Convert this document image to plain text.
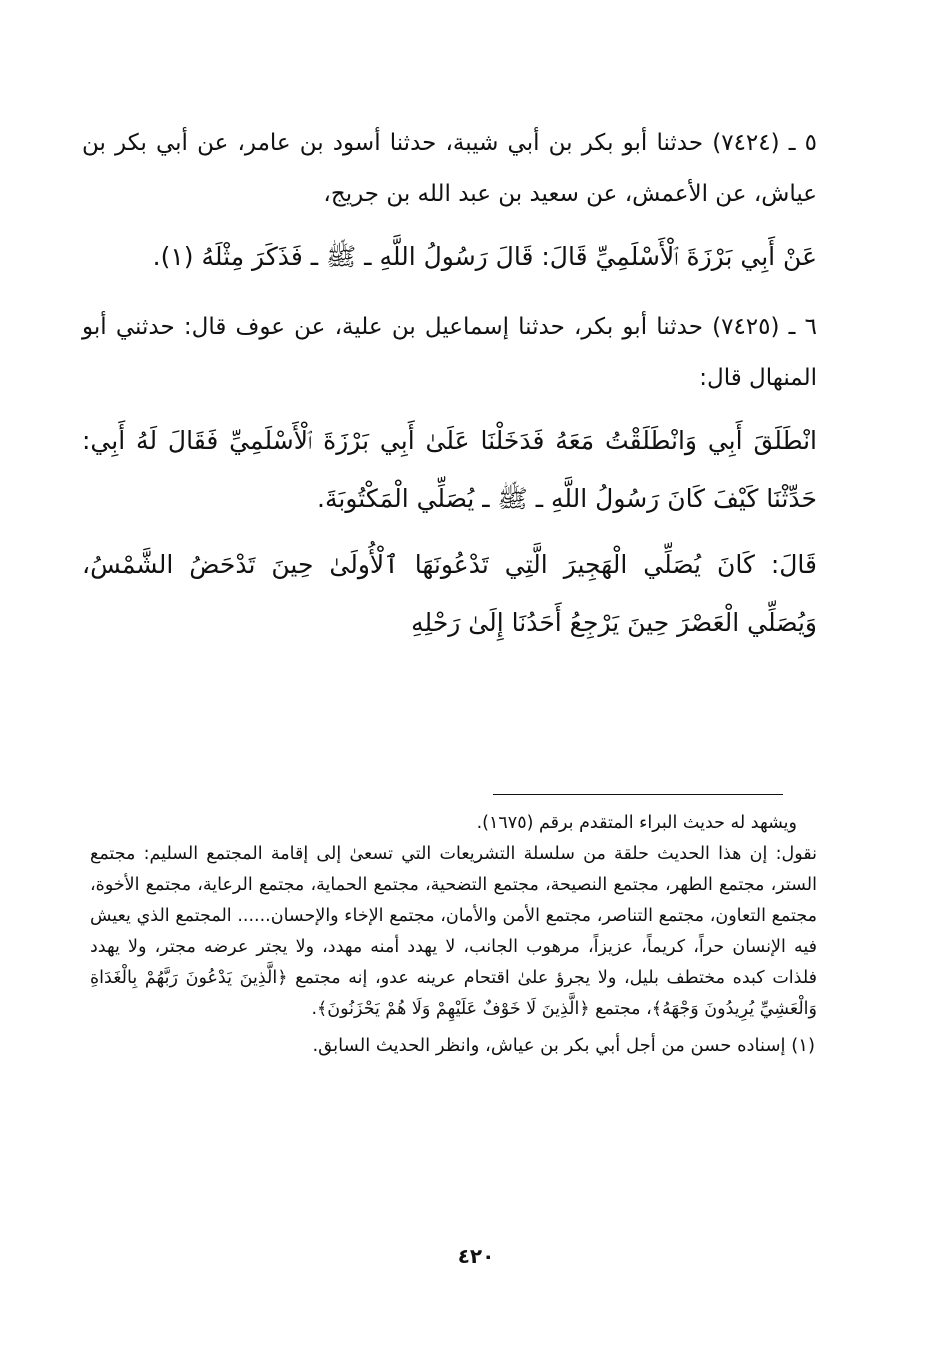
٥ ـ (٧٤٢٤) حدثنا أبو بكر بن أبي شيبة، حدثنا أسود بن عامر، عن أبي بكر بن عياش، عن الأعمش، عن سعيد بن عبد الله بن جريج،

عَنْ أَبِي بَرْزَةَ ٱلْأَسْلَمِيِّ قَالَ: قَالَ رَسُولُ اللَّهِ ـ ﷺ ـ فَذَكَرَ مِثْلَهُ (١).

٦ ـ (٧٤٢٥) حدثنا أبو بكر، حدثنا إسماعيل بن علية، عن عوف قال: حدثني أبو المنهال قال:

انْطَلَقَ أَبِي وَانْطَلَقْتُ مَعَهُ فَدَخَلْنَا عَلَىٰ أَبِي بَرْزَةَ ٱلْأَسْلَمِيِّ فَقَالَ لَهُ أَبِي: حَدِّثْنَا كَيْفَ كَانَ رَسُولُ اللَّهِ ـ ﷺ ـ يُصَلِّي الْمَكْتُوبَةَ.

قَالَ: كَانَ يُصَلِّي الْهَجِيرَ الَّتِي تَدْعُونَهَا ٱلْأُولَىٰ حِينَ تَدْحَضُ الشَّمْسُ، وَيُصَلِّي الْعَصْرَ حِينَ يَرْجِعُ أَحَدُنَا إِلَىٰ رَحْلِهِ

ويشهد له حديث البراء المتقدم برقم (١٦٧٥).

نقول: إن هذا الحديث حلقة من سلسلة التشريعات التي تسعىٰ إلى إقامة المجتمع السليم: مجتمع الستر، مجتمع الطهر، مجتمع النصيحة، مجتمع التضحية، مجتمع الحماية، مجتمع الرعاية، مجتمع الأخوة، مجتمع التعاون، مجتمع التناصر، مجتمع الأمن والأمان، مجتمع الإخاء والإحسان...... المجتمع الذي يعيش فيه الإنسان حراً، كريماً، عزيزاً، مرهوب الجانب، لا يهدد أمنه مهدد، ولا يجتر عرضه مجتر، ولا يهدد فلذات كبده مختطف بليل، ولا يجرؤ علىٰ اقتحام عرينه عدو، إنه مجتمع ﴿الَّذِينَ يَدْعُونَ رَبَّهُمْ بِالْغَدَاةِ وَالْعَشِيِّ يُرِيدُونَ وَجْهَهُ﴾، مجتمع ﴿الَّذِينَ لَا خَوْفٌ عَلَيْهِمْ وَلَا هُمْ يَحْزَنُونَ﴾.

(١) إسناده حسن من أجل أبي بكر بن عياش، وانظر الحديث السابق.

٤٢٠
